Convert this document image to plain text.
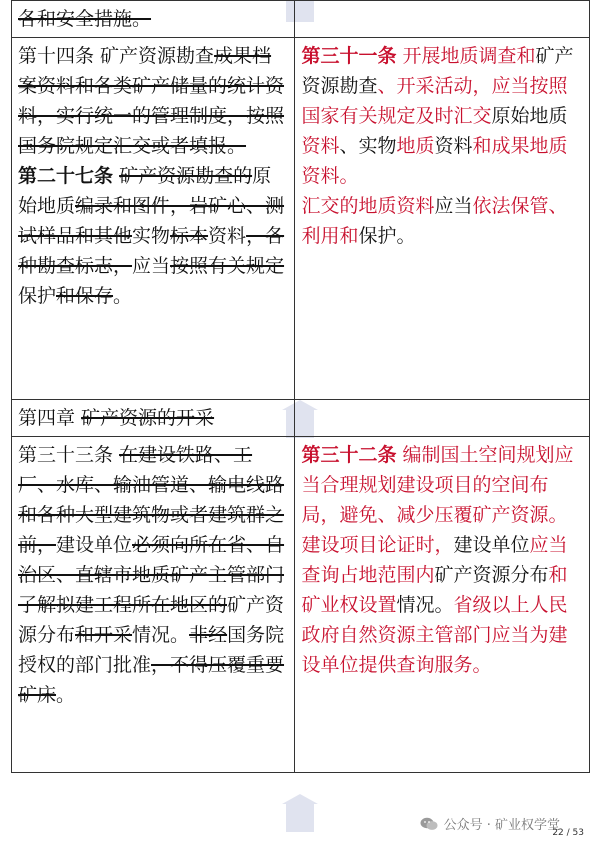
各和安全措施。	

第十四条 矿产资源勘查成果档案资料和各类矿产储量的统计资料，实行统一的管理制度，按照国务院规定汇交或者填报。
第二十七条 矿产资源勘查的原始地质编录和图件，岩矿心、测试样品和其他实物标本资料，各种勘查标志，应当按照有关规定保护和保存。	第三十一条 开展地质调查和矿产资源勘查、开采活动，应当按照国家有关规定及时汇交原始地质资料、实物地质资料和成果地质资料。
汇交的地质资料应当依法保管、利用和保护。

第四章 矿产资源的开采	

第三十三条 在建设铁路、工厂、水库、输油管道、输电线路和各种大型建筑物或者建筑群之前，建设单位必须向所在省、自治区、直辖市地质矿产主管部门了解拟建工程所在地区的矿产资源分布和开采情况。非经国务院授权的部门批准，不得压覆重要矿床。	第三十二条 编制国土空间规划应当合理规划建设项目的空间布局，避免、减少压覆矿产资源。
建设项目论证时，建设单位应当查询占地范围内矿产资源分布和矿业权设置情况。省级以上人民政府自然资源主管部门应当为建设单位提供查询服务。
公众号 · 矿业权学堂
22 / 53
